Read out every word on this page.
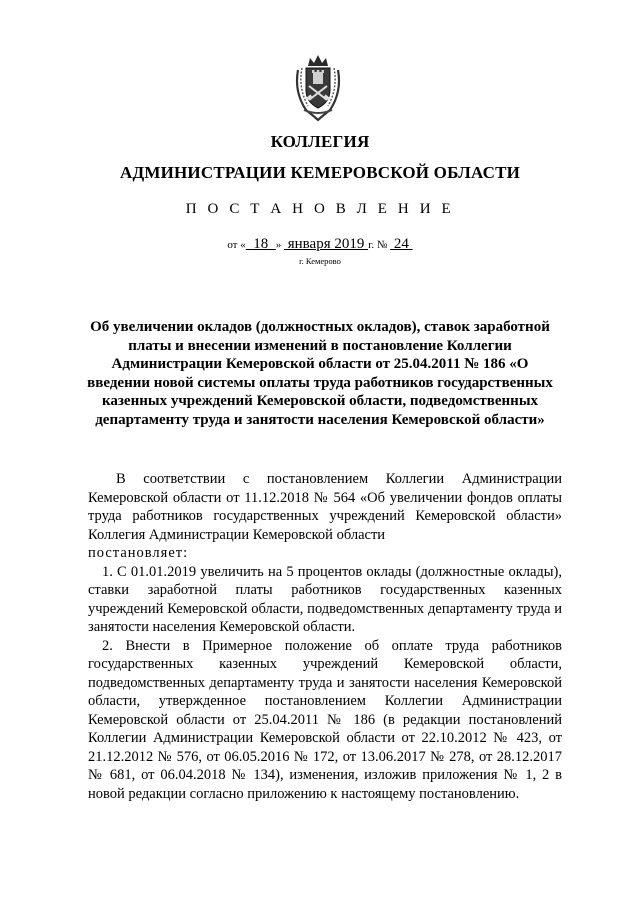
КОЛЛЕГИЯ
АДМИНИСТРАЦИИ КЕМЕРОВСКОЙ ОБЛАСТИ
П О С Т А Н О В Л Е Н И Е
от « 18 » января 2019 г. № 24
г. Кемерово
Об увеличении окладов (должностных окладов), ставок заработной платы и внесении изменений в постановление Коллегии Администрации Кемеровской области от 25.04.2011 № 186 «О введении новой системы оплаты труда работников государственных казенных учреждений Кемеровской области, подведомственных департаменту труда и занятости населения Кемеровской области»

В соответствии с постановлением Коллегии Администрации Кемеровской области от 11.12.2018 № 564 «Об увеличении фондов оплаты труда работников государственных учреждений Кемеровской области» Коллегия Администрации Кемеровской области

постановляет:

1. С 01.01.2019 увеличить на 5 процентов оклады (должностные оклады), ставки заработной платы работников государственных казенных учреждений Кемеровской области, подведомственных департаменту труда и занятости населения Кемеровской области.

2. Внести в Примерное положение об оплате труда работников государственных казенных учреждений Кемеровской области, подведомственных департаменту труда и занятости населения Кемеровской области, утвержденное постановлением Коллегии Администрации Кемеровской области от 25.04.2011 № 186 (в редакции постановлений Коллегии Администрации Кемеровской области от 22.10.2012 № 423, от 21.12.2012 № 576, от 06.05.2016 № 172, от 13.06.2017 № 278, от 28.12.2017 № 681, от 06.04.2018 № 134), изменения, изложив приложения № 1, 2 в новой редакции согласно приложению к настоящему постановлению.
